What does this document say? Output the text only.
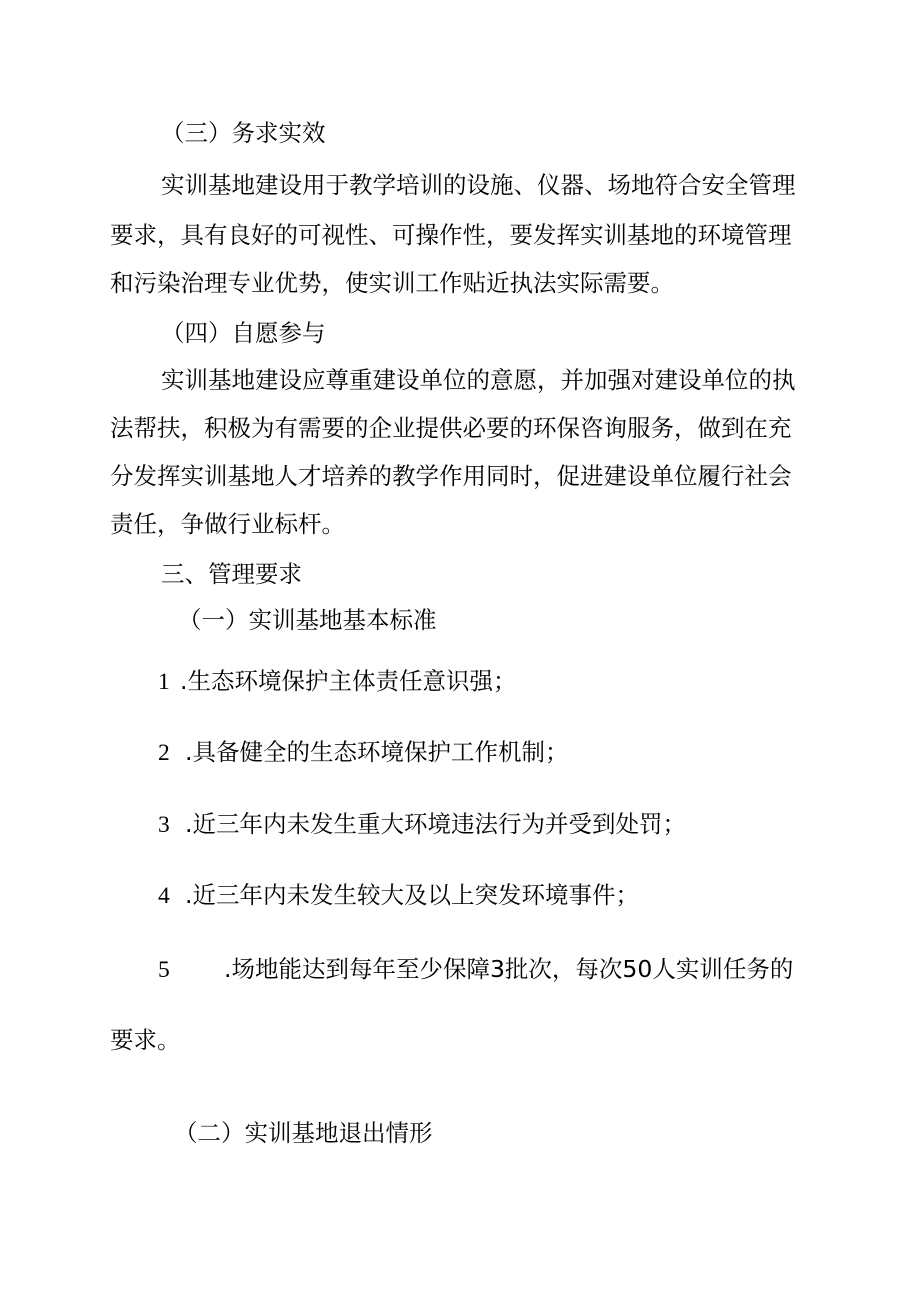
（三）务求实效
实训基地建设用于教学培训的设施、仪器、场地符合安全管理
要求，具有良好的可视性、可操作性，要发挥实训基地的环境管理
和污染治理专业优势，使实训工作贴近执法实际需要。
（四）自愿参与
实训基地建设应尊重建设单位的意愿，并加强对建设单位的执
法帮扶，积极为有需要的企业提供必要的环保咨询服务，做到在充
分发挥实训基地人才培养的教学作用同时，促进建设单位履行社会
责任，争做行业标杆。
三、管理要求
（一）实训基地基本标准
1 .生态环境保护主体责任意识强；
2 .具备健全的生态环境保护工作机制；
3 .近三年内未发生重大环境违法行为并受到处罚；
4 .近三年内未发生较大及以上突发环境事件；
5 .场地能达到每年至少保障3批次，每次50人实训任务的
要求。
（二）实训基地退出情形
